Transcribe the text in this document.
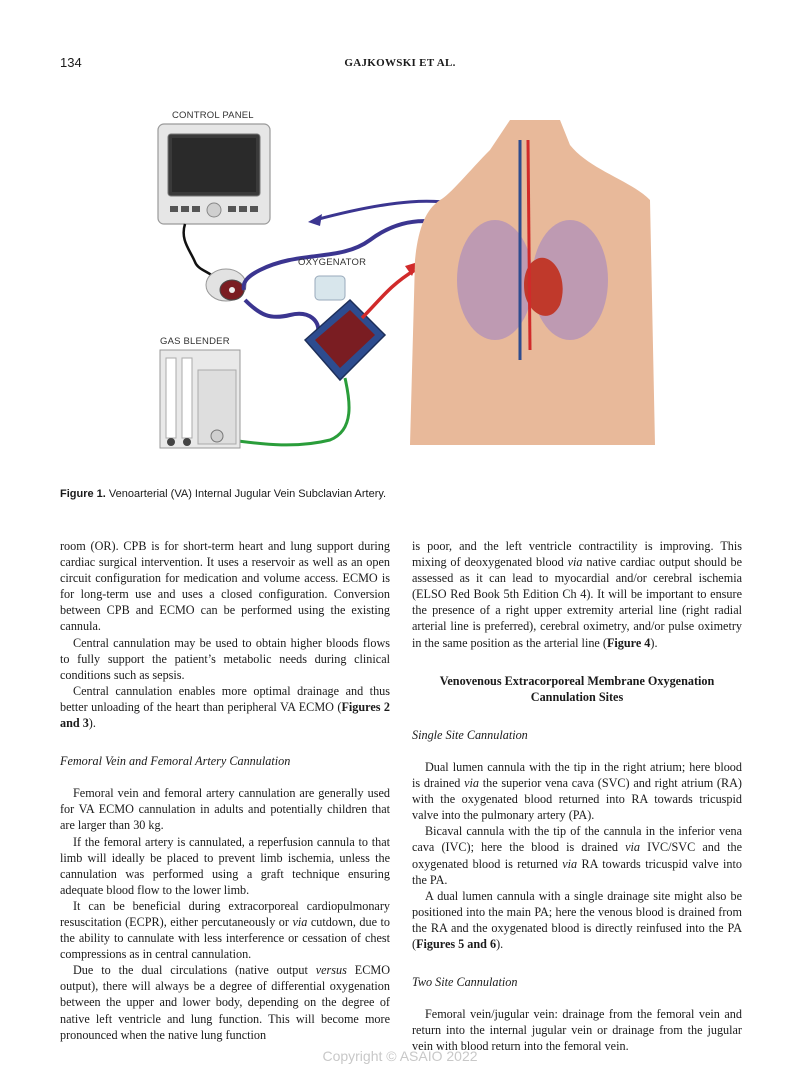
134	GAJKOWSKI ET AL.
CONTROL PANEL
OXYGENATOR
GAS BLENDER
Figure 1. Venoarterial (VA) Internal Jugular Vein Subclavian Artery.

room (OR). CPB is for short-term heart and lung support during cardiac surgical intervention. It uses a reservoir as well as an open circuit configuration for medication and volume access. ECMO is for long-term use and uses a closed configuration. Conversion between CPB and ECMO can be performed using the existing cannula.

Central cannulation may be used to obtain higher bloods flows to fully support the patient’s metabolic needs during clinical conditions such as sepsis.

Central cannulation enables more optimal drainage and thus better unloading of the heart than peripheral VA ECMO (Figures 2 and 3).

Femoral Vein and Femoral Artery Cannulation

Femoral vein and femoral artery cannulation are generally used for VA ECMO cannulation in adults and potentially children that are larger than 30 kg.

If the femoral artery is cannulated, a reperfusion cannula to that limb will ideally be placed to prevent limb ischemia, unless the cannulation was performed using a graft technique ensuring adequate blood flow to the lower limb.

It can be beneficial during extracorporeal cardiopulmonary resuscitation (ECPR), either percutaneously or via cutdown, due to the ability to cannulate with less interference or cessation of chest compressions as in central cannulation.

Due to the dual circulations (native output versus ECMO output), there will always be a degree of differential oxygenation between the upper and lower body, depending on the degree of native left ventricle and lung function. This will become more pronounced when the native lung function

is poor, and the left ventricle contractility is improving. This mixing of deoxygenated blood via native cardiac output should be assessed as it can lead to myocardial and/or cerebral ischemia (ELSO Red Book 5th Edition Ch 4). It will be important to ensure the presence of a right upper extremity arterial line (right radial arterial line is preferred), cerebral oximetry, and/or pulse oximetry in the same position as the arterial line (Figure 4).

Venovenous Extracorporeal Membrane Oxygenation
Cannulation Sites

Single Site Cannulation

Dual lumen cannula with the tip in the right atrium; here blood is drained via the superior vena cava (SVC) and right atrium (RA) with the oxygenated blood returned into RA towards tricuspid valve into the pulmonary artery (PA).

Bicaval cannula with the tip of the cannula in the inferior vena cava (IVC); here the blood is drained via IVC/SVC and the oxygenated blood is returned via RA towards tricuspid valve into the PA.

A dual lumen cannula with a single drainage site might also be positioned into the main PA; here the venous blood is drained from the RA and the oxygenated blood is directly reinfused into the PA (Figures 5 and 6).

Two Site Cannulation

Femoral vein/jugular vein: drainage from the femoral vein and return into the internal jugular vein or drainage from the jugular vein with blood return into the femoral vein.

Copyright © ASAIO 2022
